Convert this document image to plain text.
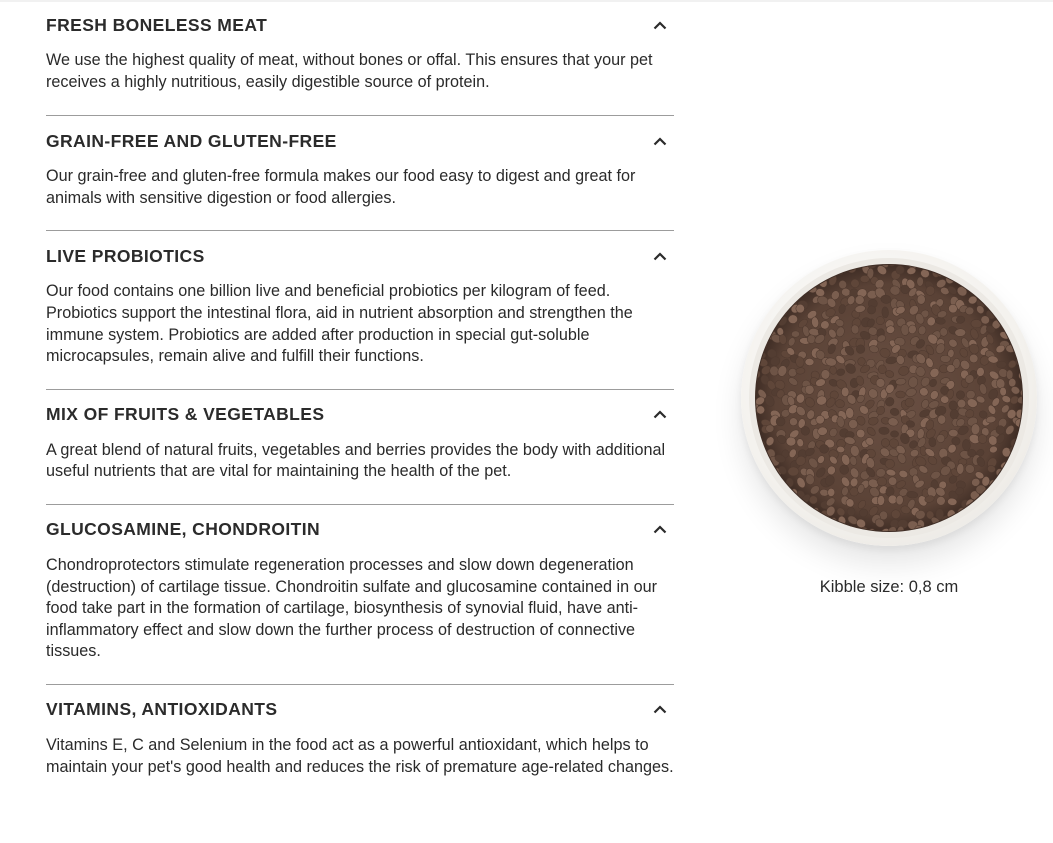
FRESH BONELESS MEAT
We use the highest quality of meat, without bones or offal. This ensures that your pet receives a highly nutritious, easily digestible source of protein.
GRAIN-FREE AND GLUTEN-FREE
Our grain-free and gluten-free formula makes our food easy to digest and great for animals with sensitive digestion or food allergies.
LIVE PROBIOTICS
Our food contains one billion live and beneficial probiotics per kilogram of feed. Probiotics support the intestinal flora, aid in nutrient absorption and strengthen the immune system. Probiotics are added after production in special gut-soluble microcapsules, remain alive and fulfill their functions.
MIX OF FRUITS & VEGETABLES
A great blend of natural fruits, vegetables and berries provides the body with additional useful nutrients that are vital for maintaining the health of the pet.
GLUCOSAMINE, CHONDROITIN
Chondroprotectors stimulate regeneration processes and slow down degeneration (destruction) of cartilage tissue. Chondroitin sulfate and glucosamine contained in our food take part in the formation of cartilage, biosynthesis of synovial fluid, have anti-inflammatory effect and slow down the further process of destruction of connective tissues.
VITAMINS, ANTIOXIDANTS
Vitamins E, C and Selenium in the food act as a powerful antioxidant, which helps to maintain your pet's good health and reduces the risk of premature age-related changes.
Kibble size: 0,8 cm
